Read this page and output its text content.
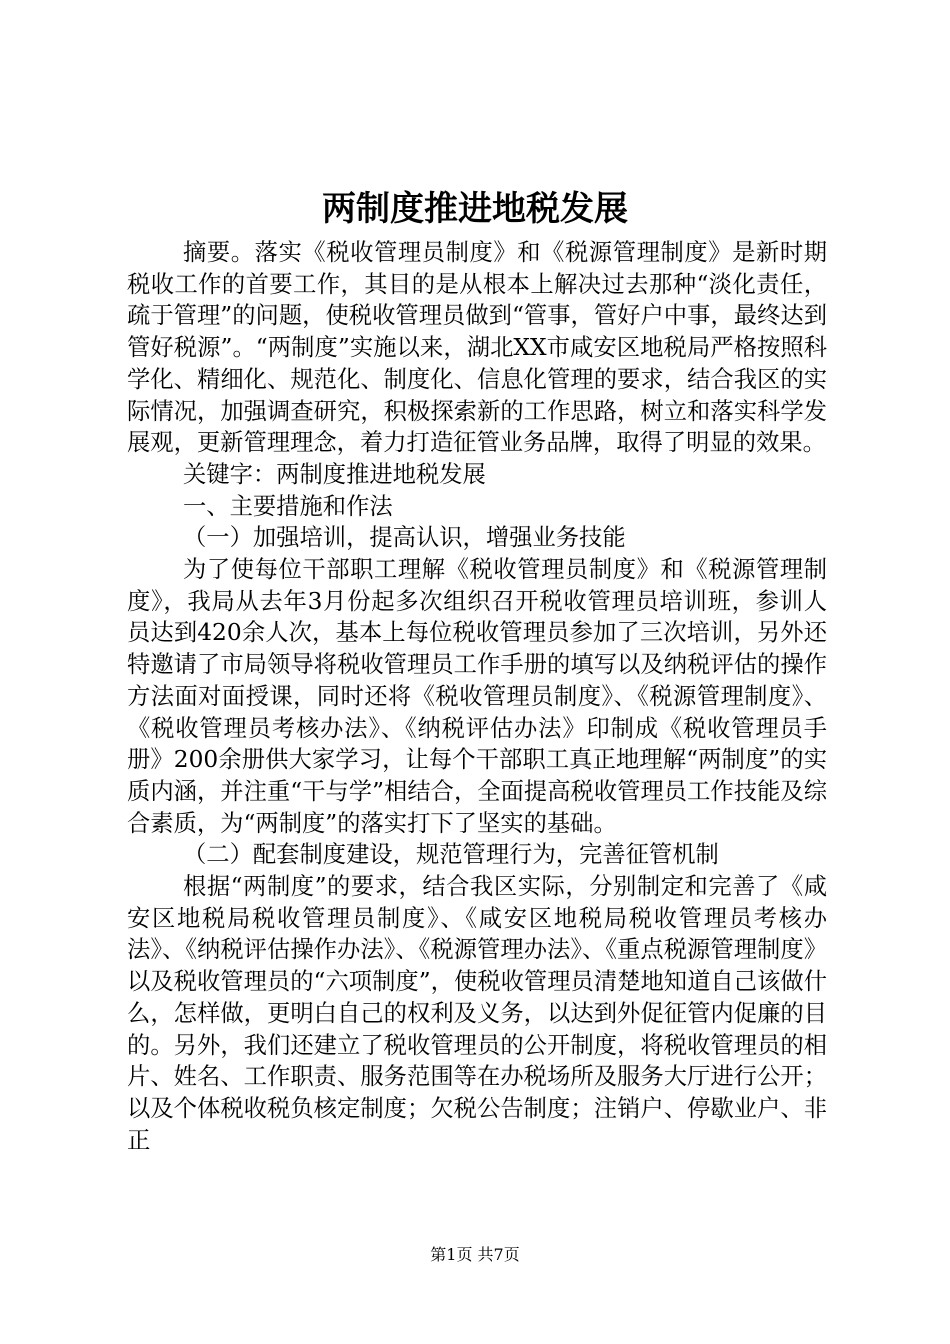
两制度推进地税发展

摘要。落实《税收管理员制度》和《税源管理制度》是新时期税收工作的首要工作，其目的是从根本上解决过去那种“淡化责任，疏于管理”的问题，使税收管理员做到“管事，管好户中事，最终达到管好税源”。“两制度”实施以来，湖北XX市咸安区地税局严格按照科学化、精细化、规范化、制度化、信息化管理的要求，结合我区的实际情况，加强调查研究，积极探索新的工作思路，树立和落实科学发展观，更新管理理念，着力打造征管业务品牌，取得了明显的效果。

关键字：两制度推进地税发展

一、主要措施和作法

（一）加强培训，提高认识，增强业务技能

为了使每位干部职工理解《税收管理员制度》和《税源管理制度》，我局从去年3月份起多次组织召开税收管理员培训班，参训人员达到420余人次，基本上每位税收管理员参加了三次培训，另外还特邀请了市局领导将税收管理员工作手册的填写以及纳税评估的操作方法面对面授课，同时还将《税收管理员制度》、《税源管理制度》、《税收管理员考核办法》、《纳税评估办法》印制成《税收管理员手册》200余册供大家学习，让每个干部职工真正地理解“两制度”的实质内涵，并注重“干与学”相结合，全面提高税收管理员工作技能及综合素质，为“两制度”的落实打下了坚实的基础。

（二）配套制度建设，规范管理行为，完善征管机制

根据“两制度”的要求，结合我区实际，分别制定和完善了《咸安区地税局税收管理员制度》、《咸安区地税局税收管理员考核办法》、《纳税评估操作办法》、《税源管理办法》、《重点税源管理制度》以及税收管理员的“六项制度”，使税收管理员清楚地知道自己该做什么，怎样做，更明白自己的权利及义务，以达到外促征管内促廉的目的。另外，我们还建立了税收管理员的公开制度，将税收管理员的相片、姓名、工作职责、服务范围等在办税场所及服务大厅进行公开；以及个体税收税负核定制度；欠税公告制度；注销户、停歇业户、非正

第1页 共7页
